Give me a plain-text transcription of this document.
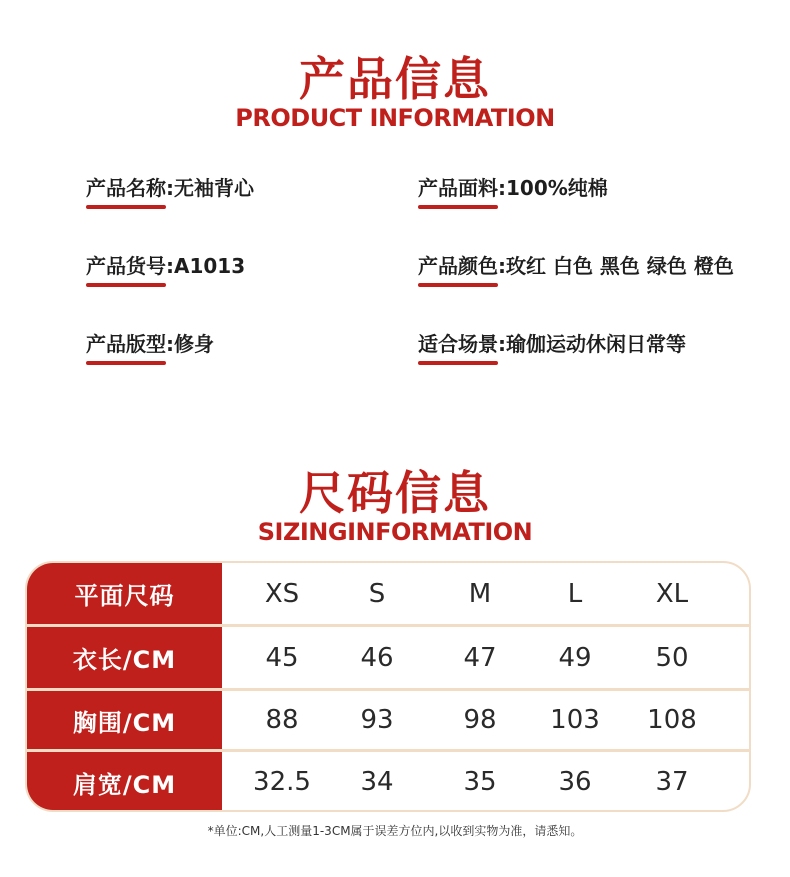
产品信息
PRODUCT INFORMATION
产品名称 : 无袖背心	产品面料 : 100%纯棉
产品货号 : A1013	产品颜色 : 玫红 白色 黑色 绿色 橙色
产品版型 : 修身	适合场景 : 瑜伽运动休闲日常等
尺码信息
SIZINGINFORMATION
平面尺码	XS	S	M	L	XL
衣长/CM	45	46	47	49	50
胸围/CM	88	93	98	103	108
肩宽/CM	32.5	34	35	36	37
*单位:CM,人工测量1-3CM属于误差方位内,以收到实物为准，请悉知。
